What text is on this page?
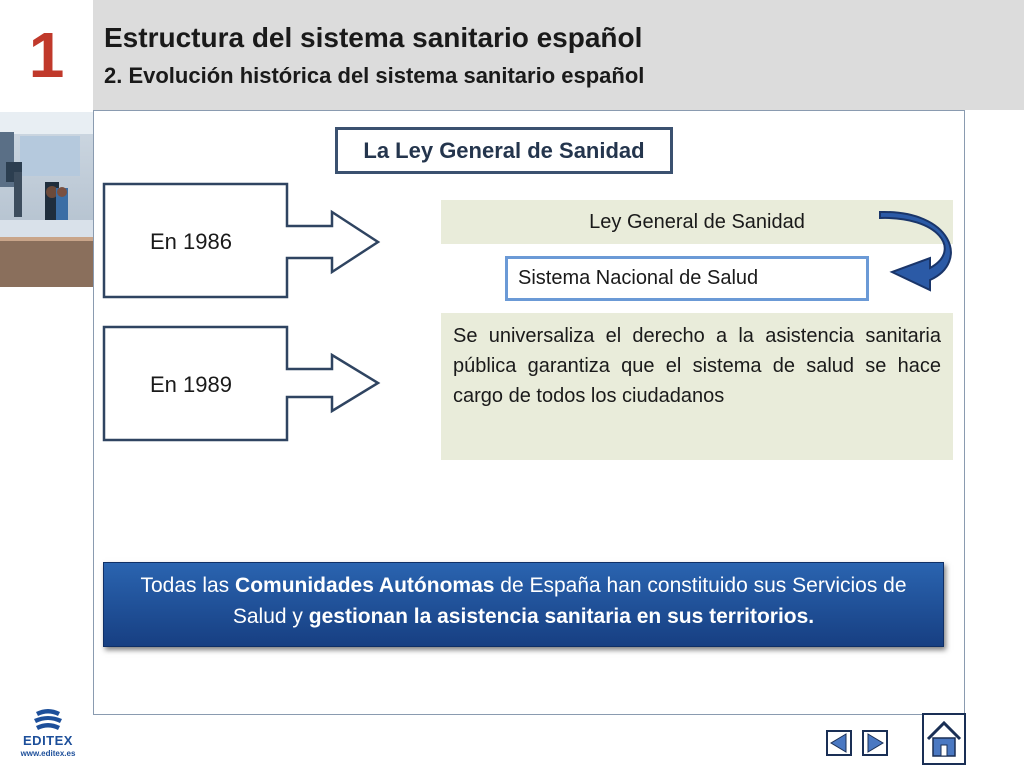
1 Estructura del sistema sanitario español
2. Evolución histórica del sistema sanitario español
La Ley General de Sanidad
En 1986
En 1989
Ley General de Sanidad
Sistema Nacional de Salud
Se universaliza el derecho a la asistencia sanitaria pública garantiza que el sistema de salud se hace cargo de todos los ciudadanos
Todas las Comunidades Autónomas de España han constituido sus Servicios de Salud y gestionan la asistencia sanitaria en sus territorios.
EDITEX
www.editex.es
